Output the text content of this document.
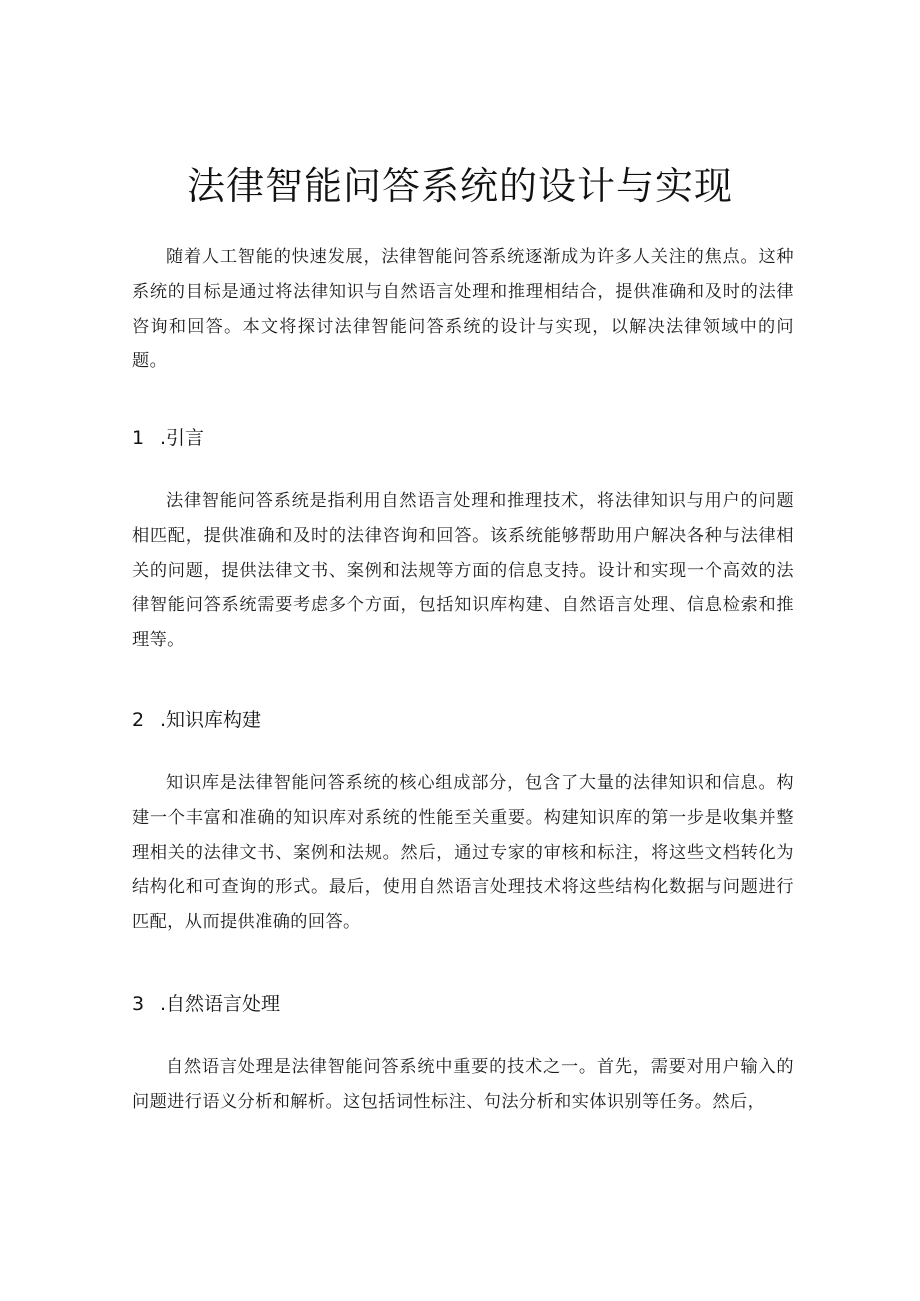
法律智能问答系统的设计与实现

随着人工智能的快速发展，法律智能问答系统逐渐成为许多人关注的焦点。这种系统的目标是通过将法律知识与自然语言处理和推理相结合，提供准确和及时的法律咨询和回答。本文将探讨法律智能问答系统的设计与实现，以解决法律领域中的问题。

1 .引言

法律智能问答系统是指利用自然语言处理和推理技术，将法律知识与用户的问题相匹配，提供准确和及时的法律咨询和回答。该系统能够帮助用户解决各种与法律相关的问题，提供法律文书、案例和法规等方面的信息支持。设计和实现一个高效的法律智能问答系统需要考虑多个方面，包括知识库构建、自然语言处理、信息检索和推理等。

2 .知识库构建

知识库是法律智能问答系统的核心组成部分，包含了大量的法律知识和信息。构建一个丰富和准确的知识库对系统的性能至关重要。构建知识库的第一步是收集并整理相关的法律文书、案例和法规。然后，通过专家的审核和标注，将这些文档转化为结构化和可查询的形式。最后，使用自然语言处理技术将这些结构化数据与问题进行匹配，从而提供准确的回答。

3 .自然语言处理

自然语言处理是法律智能问答系统中重要的技术之一。首先，需要对用户输入的问题进行语义分析和解析。这包括词性标注、句法分析和实体识别等任务。然后，
